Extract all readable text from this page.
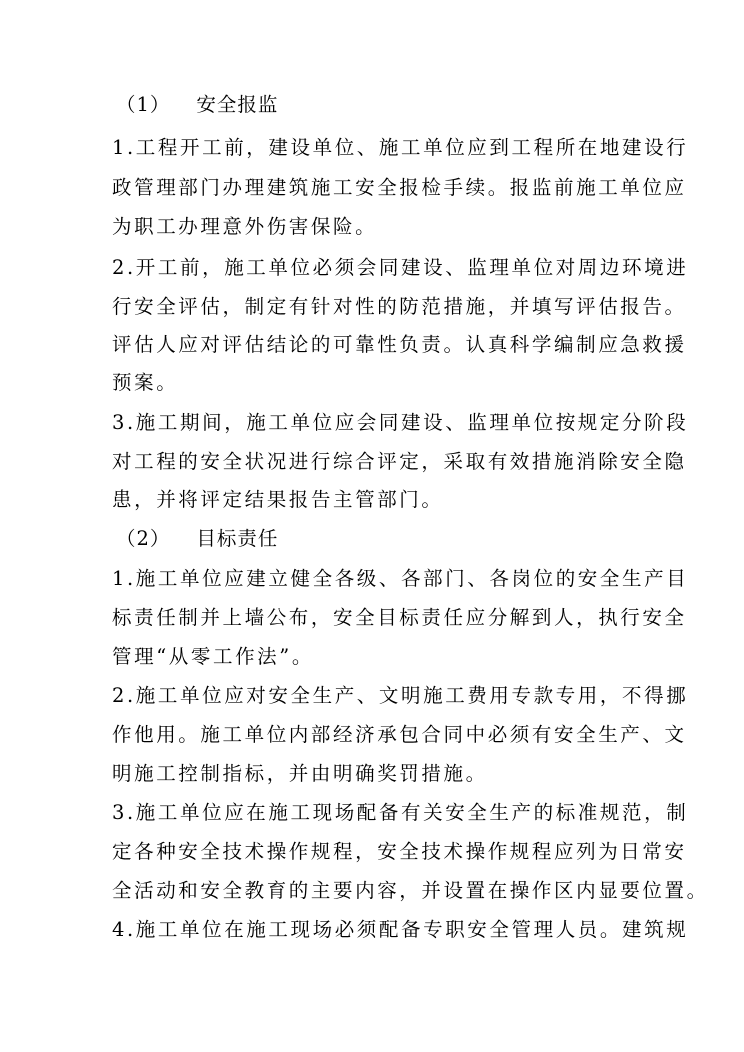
（1） 安全报监
1.工程开工前，建设单位、施工单位应到工程所在地建设行
政管理部门办理建筑施工安全报检手续。报监前施工单位应
为职工办理意外伤害保险。
2.开工前，施工单位必须会同建设、监理单位对周边环境进
行安全评估，制定有针对性的防范措施，并填写评估报告。
评估人应对评估结论的可靠性负责。认真科学编制应急救援
预案。
3.施工期间，施工单位应会同建设、监理单位按规定分阶段
对工程的安全状况进行综合评定，采取有效措施消除安全隐
患，并将评定结果报告主管部门。
（2） 目标责任
1.施工单位应建立健全各级、各部门、各岗位的安全生产目
标责任制并上墙公布，安全目标责任应分解到人，执行安全
管理“从零工作法”。
2.施工单位应对安全生产、文明施工费用专款专用，不得挪
作他用。施工单位内部经济承包合同中必须有安全生产、文
明施工控制指标，并由明确奖罚措施。
3.施工单位应在施工现场配备有关安全生产的标准规范，制
定各种安全技术操作规程，安全技术操作规程应列为日常安
全活动和安全教育的主要内容，并设置在操作区内显要位置。
4.施工单位在施工现场必须配备专职安全管理人员。建筑规
